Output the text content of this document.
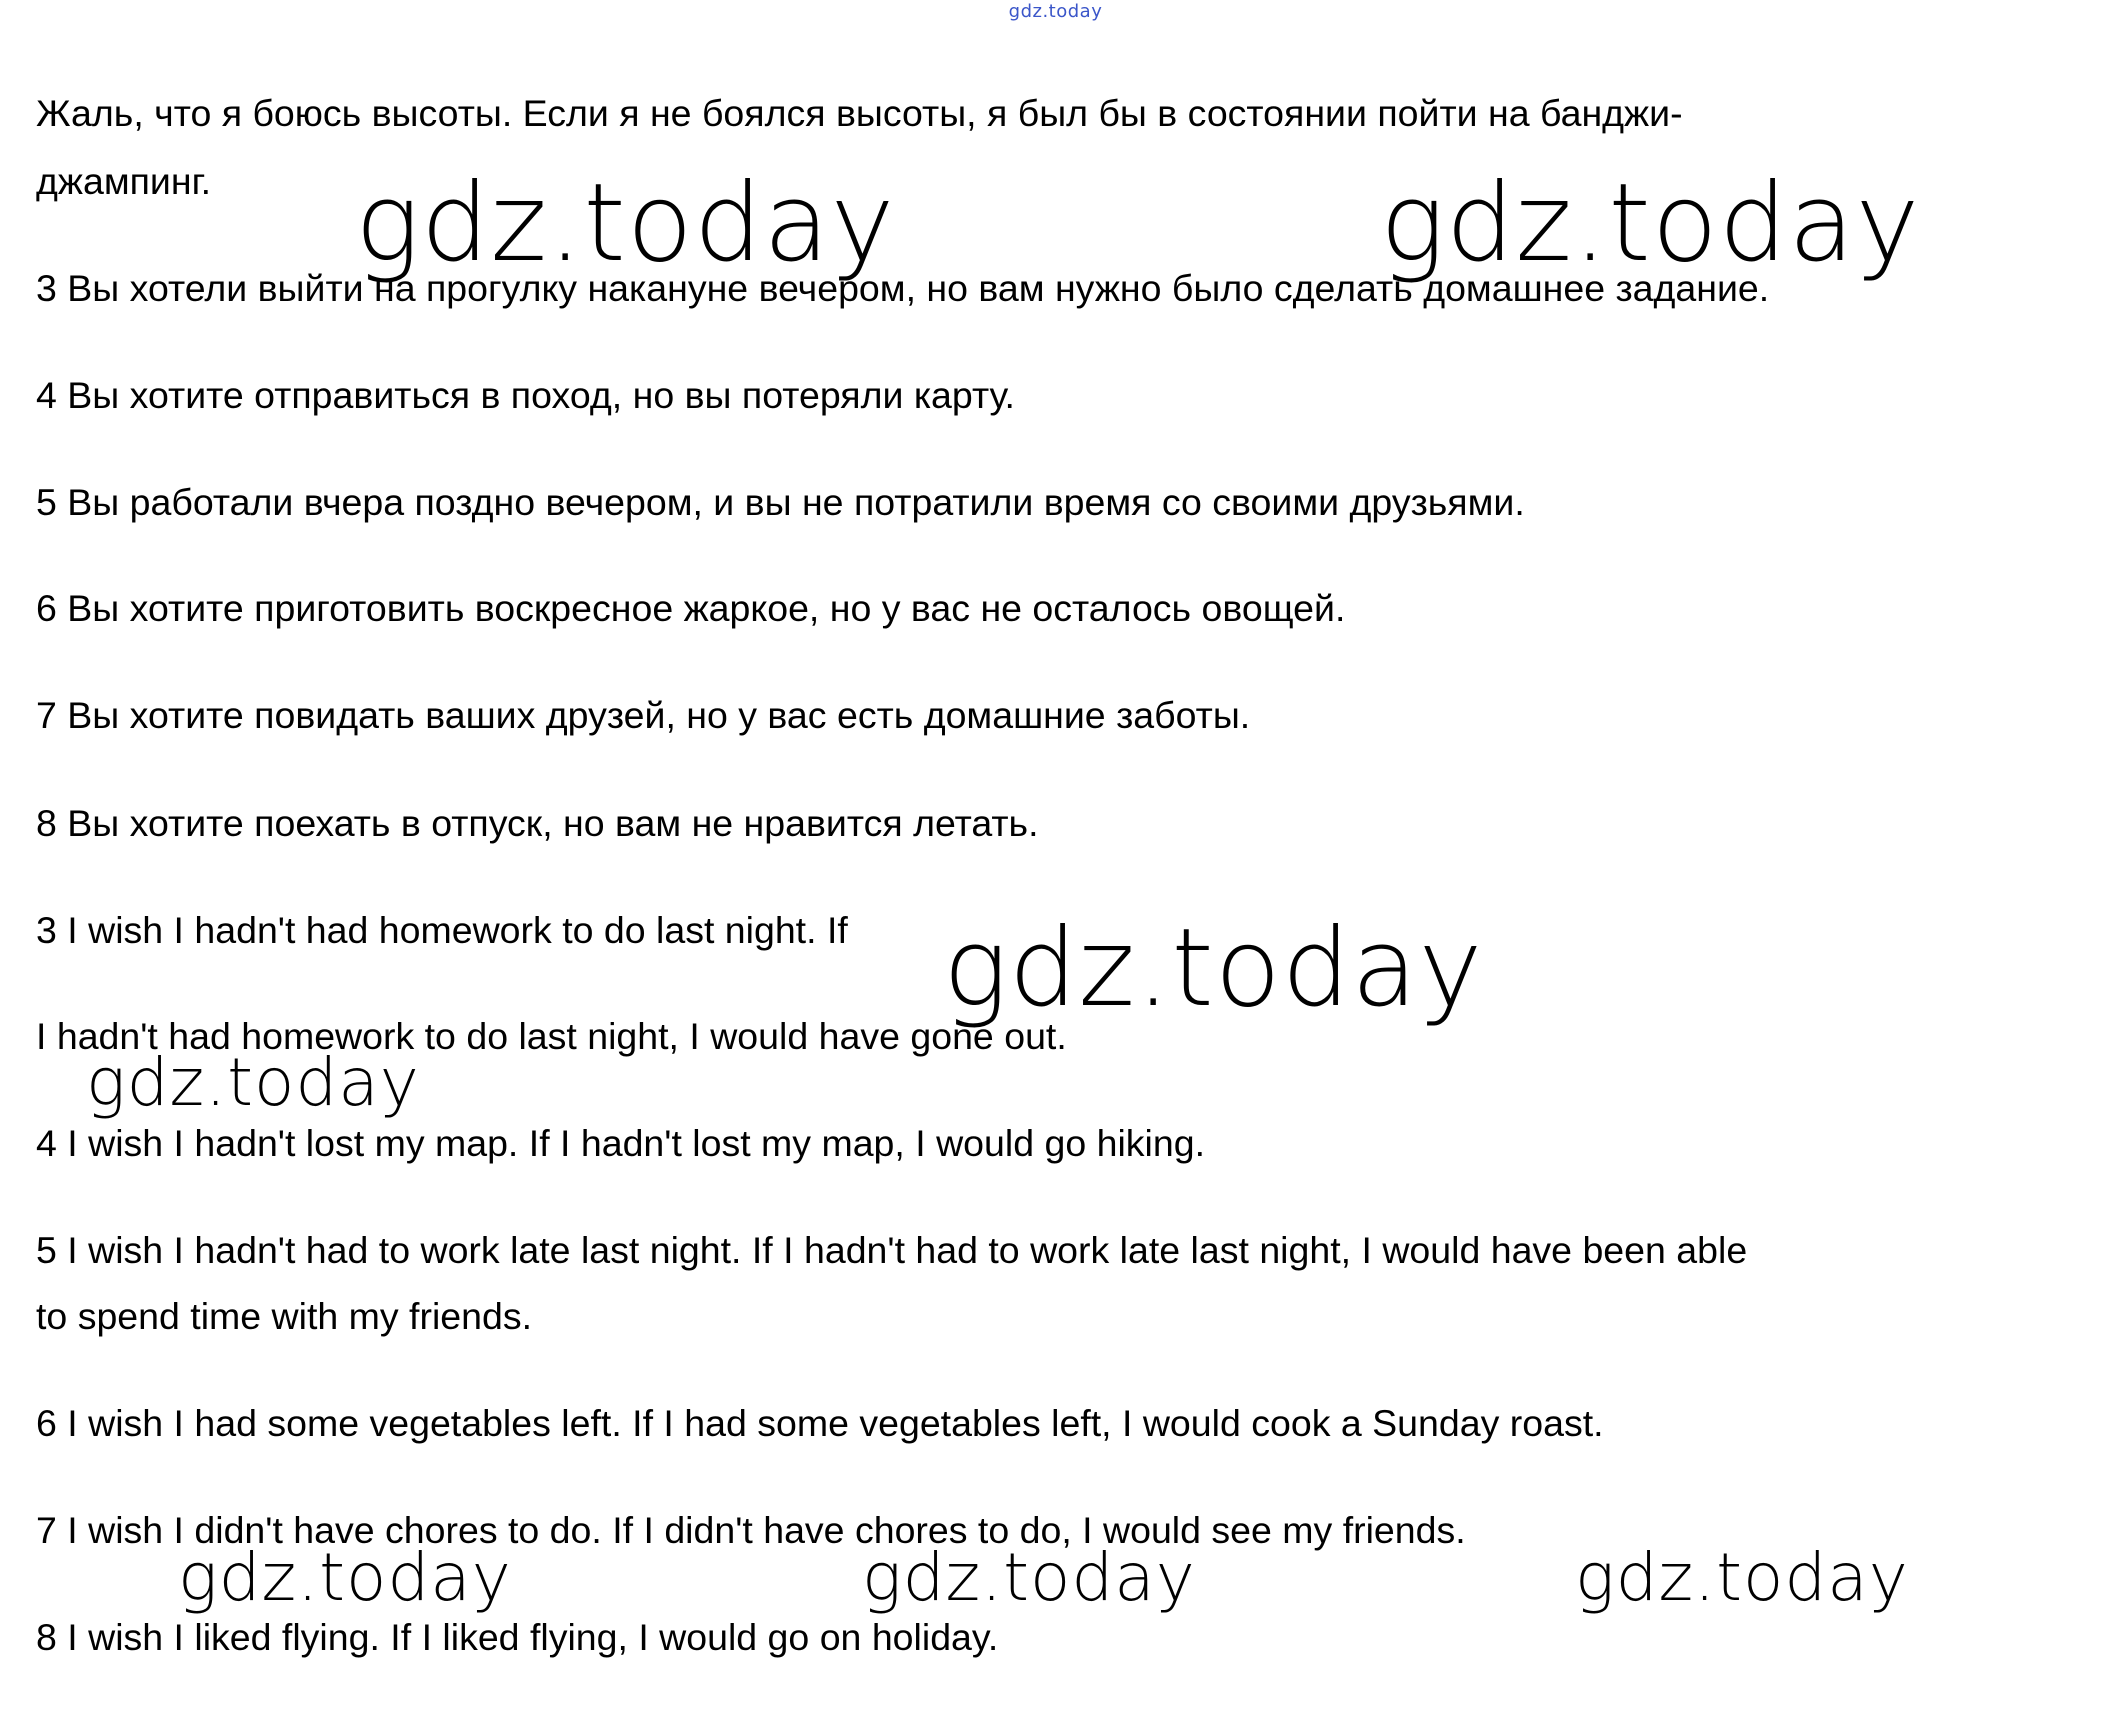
gdz.today
Жаль, что я боюсь высоты. Если я не боялся высоты, я был бы в состоянии пойти на банджи-
джампинг.
3 Вы хотели выйти на прогулку накануне вечером, но вам нужно было сделать домашнее задание.
4 Вы хотите отправиться в поход, но вы потеряли карту.
5 Вы работали вчера поздно вечером, и вы не потратили время со своими друзьями.
6 Вы хотите приготовить воскресное жаркое, но у вас не осталось овощей.
7 Вы хотите повидать ваших друзей, но у вас есть домашние заботы.
8 Вы хотите поехать в отпуск, но вам не нравится летать.
3 I wish I hadn't had homework to do last night. If
I hadn't had homework to do last night, I would have gone out.
4 I wish I hadn't lost my map. If I hadn't lost my map, I would go hiking.
5 I wish I hadn't had to work late last night. If I hadn't had to work late last night, I would have been able
to spend time with my friends.
6 I wish I had some vegetables left. If I had some vegetables left, I would cook a Sunday roast.
7 I wish I didn't have chores to do. If I didn't have chores to do, I would see my friends.
8 I wish I liked flying. If I liked flying, I would go on holiday.
gdz.today	gdz.today
gdz.today
gdz.today
gdz.today	gdz.today	gdz.today
